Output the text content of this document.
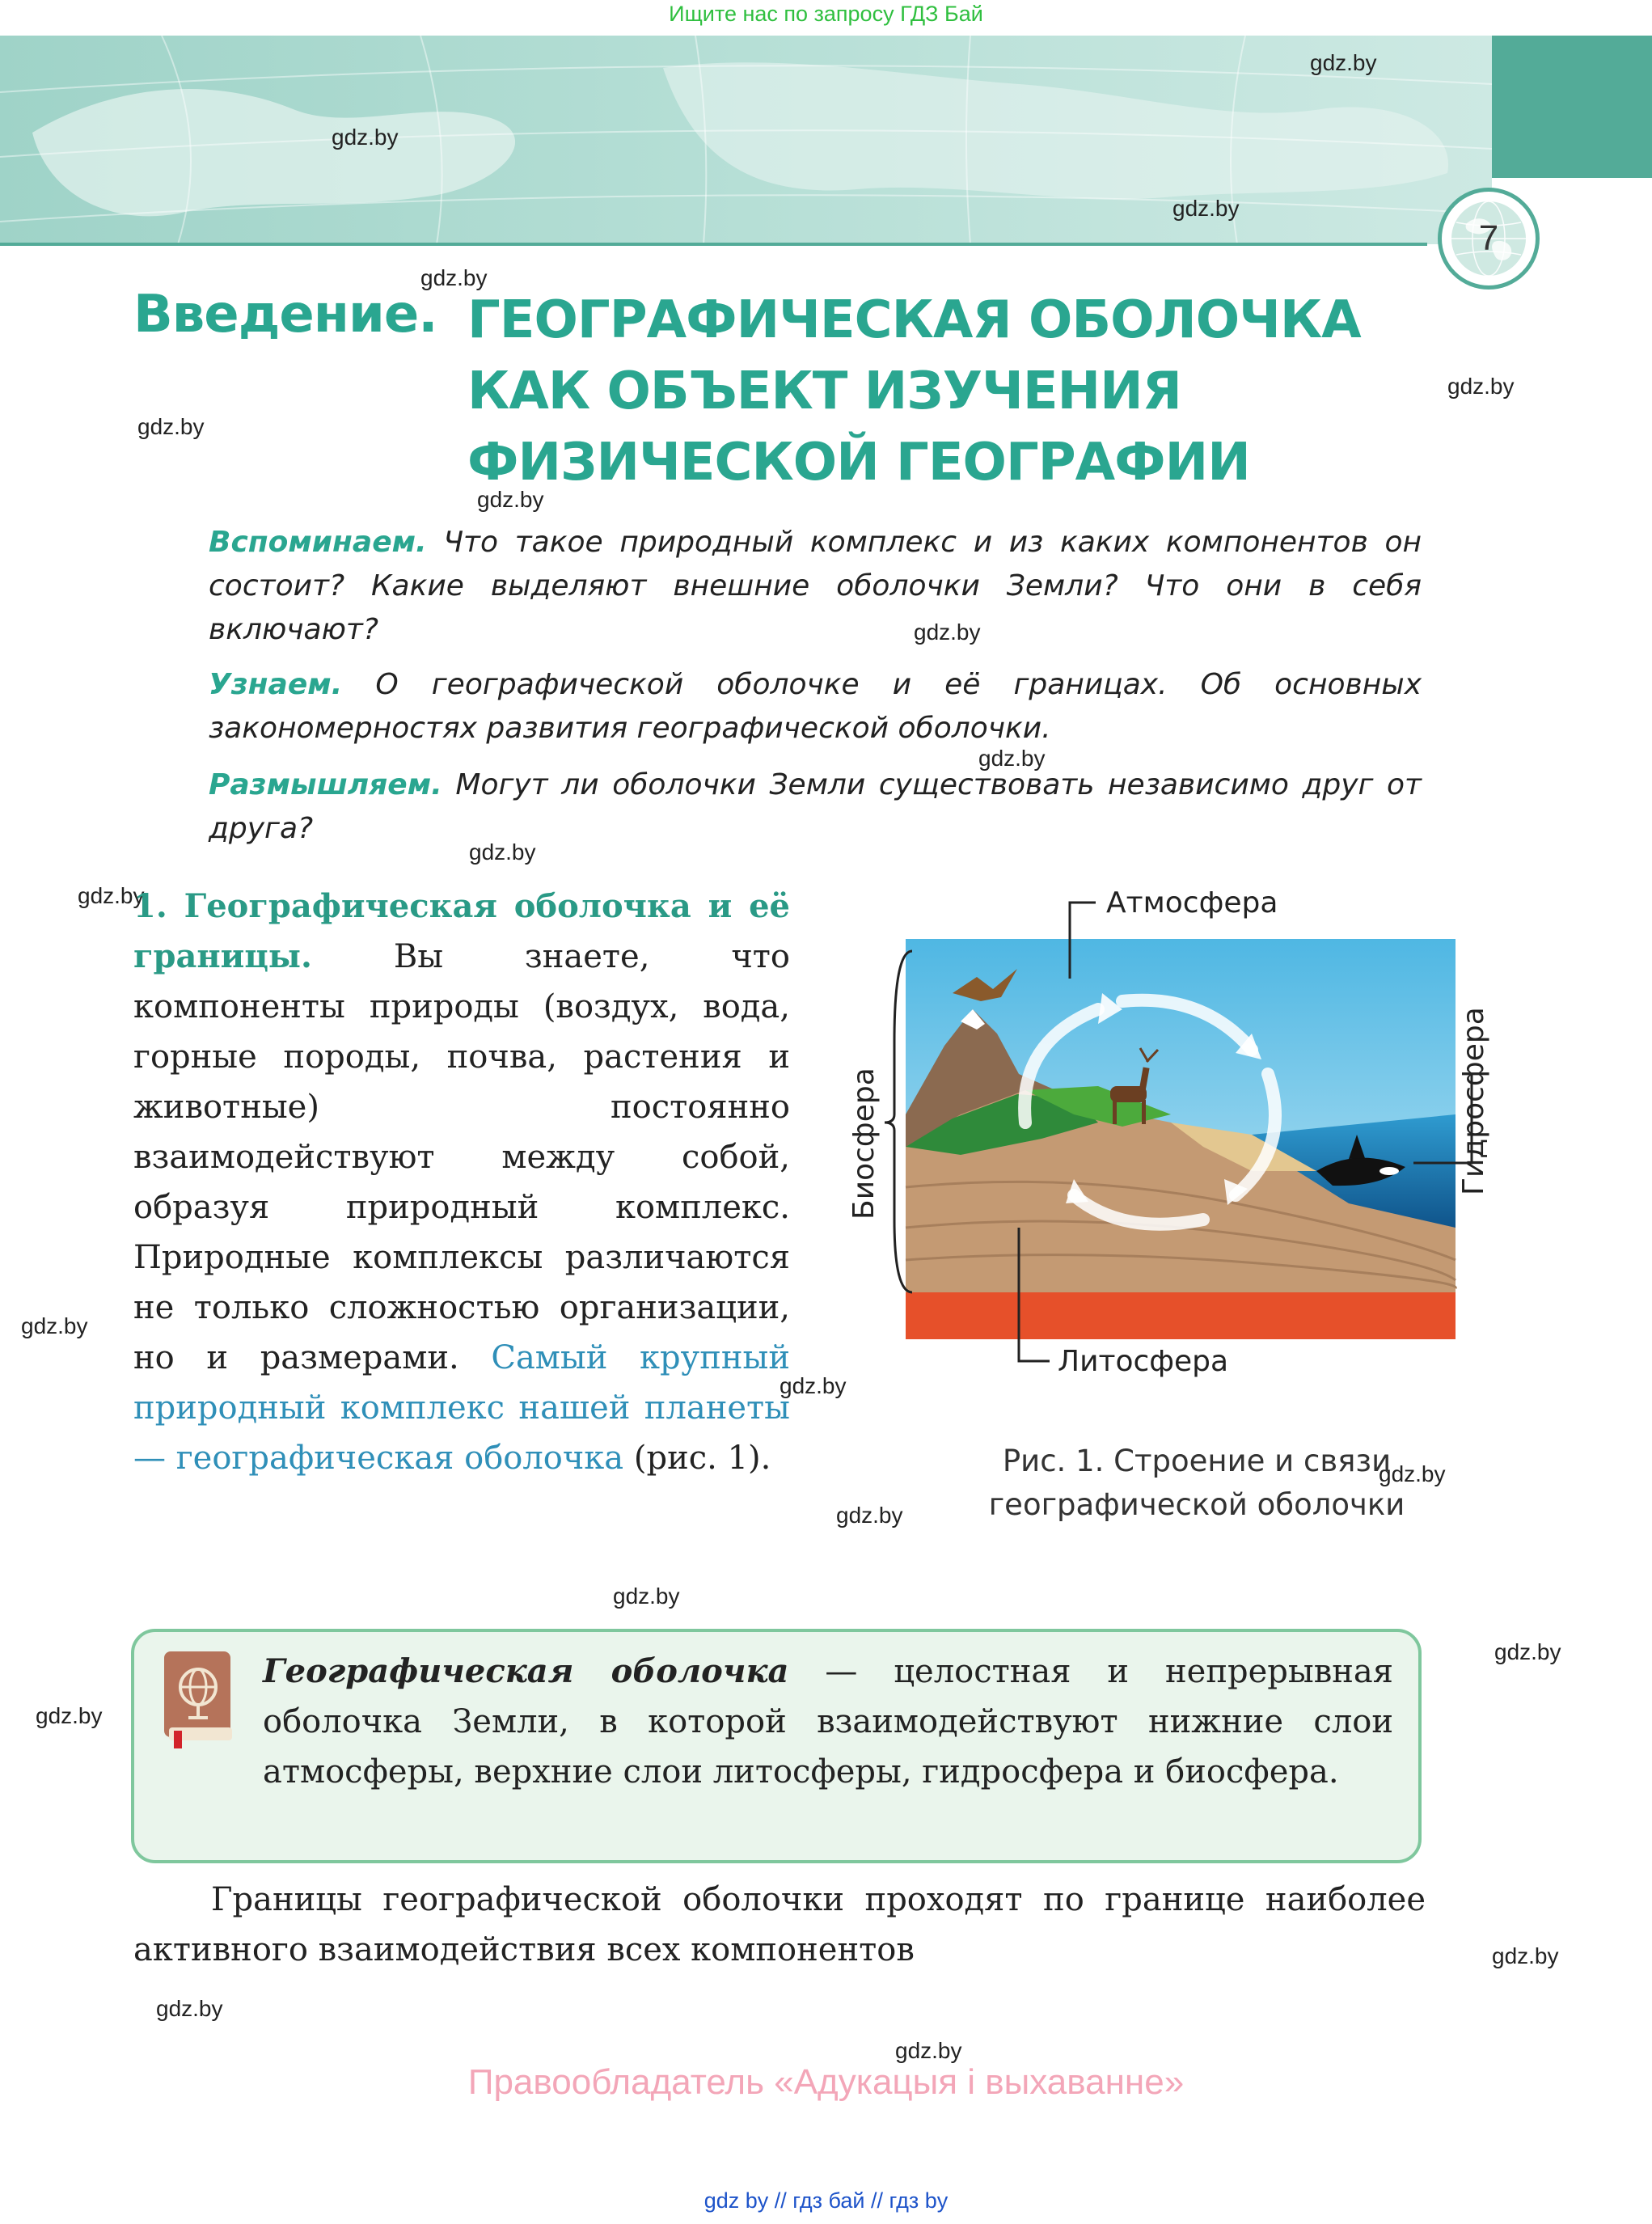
Ищите нас по запросу ГДЗ Бай
7
gdz.by
gdz.by
gdz.by
gdz.by
gdz.by
gdz.by
gdz.by
gdz.by
gdz.by
gdz.by
gdz.by
gdz.by
gdz.by
gdz.by
gdz.by
gdz.by
gdz.by
gdz.by
gdz.by
gdz.by
gdz.by
Введение. ГЕОГРАФИЧЕСКАЯ ОБОЛОЧКА
КАК ОБЪЕКТ ИЗУЧЕНИЯ
ФИЗИЧЕСКОЙ ГЕОГРАФИИ
Вспоминаем. Что такое природный комплекс и из каких компонентов он состоит? Какие выделяют внешние оболочки Земли? Что они в себя включают?
Узнаем. О географической оболочке и её границах. Об основных закономерностях развития географической оболочки.
Размышляем. Могут ли оболочки Земли существовать независимо друг от друга?
1. Географическая оболочка и её границы. Вы знаете, что компоненты природы (воздух, вода, горные породы, почва, растения и животные) постоянно взаимодействуют между собой, образуя природный комплекс. Природные комплексы различаются не только сложностью организации, но и размерами. Самый крупный природный комплекс нашей планеты — географическая оболочка (рис. 1).
Атмосфера
Литосфера
Биосфера	Гидросфера
Рис. 1. Строение и связи
географической оболочки
Географическая оболочка — целостная и непрерывная оболочка Земли, в которой взаимодействуют нижние слои атмосферы, верхние слои литосферы, гидросфера и биосфера.
Границы географической оболочки проходят по границе наиболее активного взаимодействия всех компонентов
Правообладатель «Адукацыя і выхаванне»
gdz by // гдз бай // гдз by
